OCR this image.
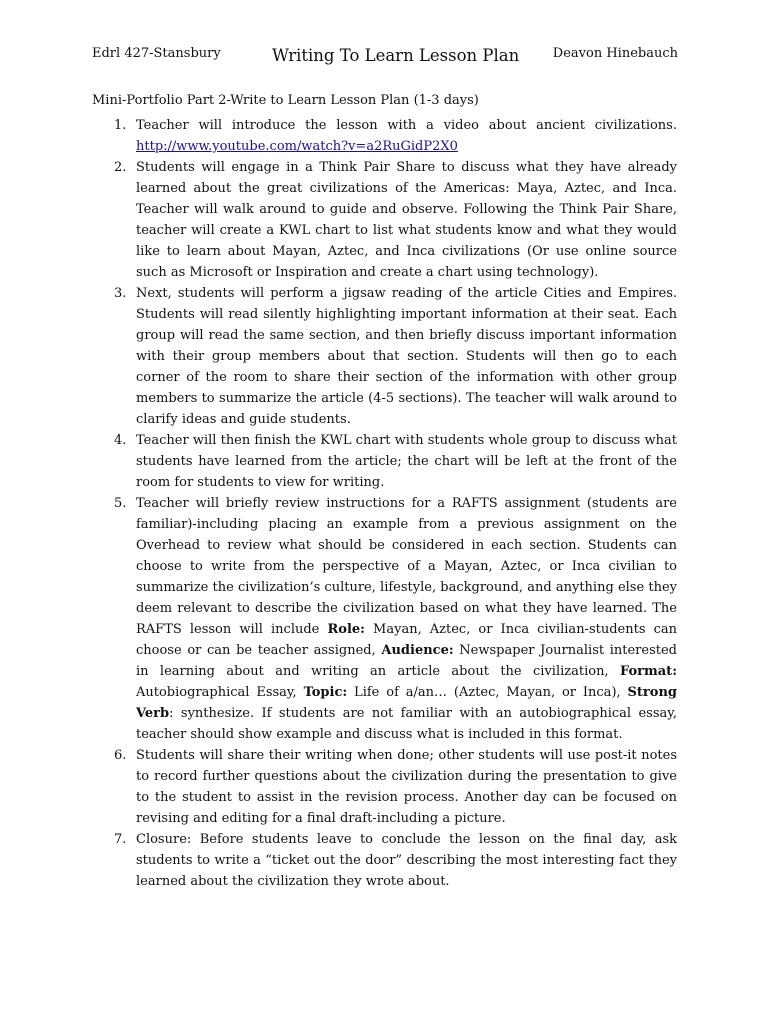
Edrl 427-Stansbury	Writing To Learn Lesson Plan	Deavon Hinebauch
Mini-Portfolio Part 2-Write to Learn Lesson Plan (1-3 days)
1. Teacher will introduce the lesson with a video about ancient civilizations. http://www.youtube.com/watch?v=a2RuGidP2X0
2. Students will engage in a Think Pair Share to discuss what they have already learned about the great civilizations of the Americas: Maya, Aztec, and Inca. Teacher will walk around to guide and observe. Following the Think Pair Share, teacher will create a KWL chart to list what students know and what they would like to learn about Mayan, Aztec, and Inca civilizations (Or use online source such as Microsoft or Inspiration and create a chart using technology).
3. Next, students will perform a jigsaw reading of the article Cities and Empires. Students will read silently highlighting important information at their seat. Each group will read the same section, and then briefly discuss important information with their group members about that section. Students will then go to each corner of the room to share their section of the information with other group members to summarize the article (4-5 sections). The teacher will walk around to clarify ideas and guide students.
4. Teacher will then finish the KWL chart with students whole group to discuss what students have learned from the article; the chart will be left at the front of the room for students to view for writing.
5. Teacher will briefly review instructions for a RAFTS assignment (students are familiar)-including placing an example from a previous assignment on the Overhead to review what should be considered in each section. Students can choose to write from the perspective of a Mayan, Aztec, or Inca civilian to summarize the civilization’s culture, lifestyle, background, and anything else they deem relevant to describe the civilization based on what they have learned. The RAFTS lesson will include Role: Mayan, Aztec, or Inca civilian-students can choose or can be teacher assigned, Audience: Newspaper Journalist interested in learning about and writing an article about the civilization, Format: Autobiographical Essay, Topic: Life of a/an… (Aztec, Mayan, or Inca), Strong Verb: synthesize. If students are not familiar with an autobiographical essay, teacher should show example and discuss what is included in this format.
6. Students will share their writing when done; other students will use post-it notes to record further questions about the civilization during the presentation to give to the student to assist in the revision process. Another day can be focused on revising and editing for a final draft-including a picture.
7. Closure: Before students leave to conclude the lesson on the final day, ask students to write a “ticket out the door” describing the most interesting fact they learned about the civilization they wrote about.
